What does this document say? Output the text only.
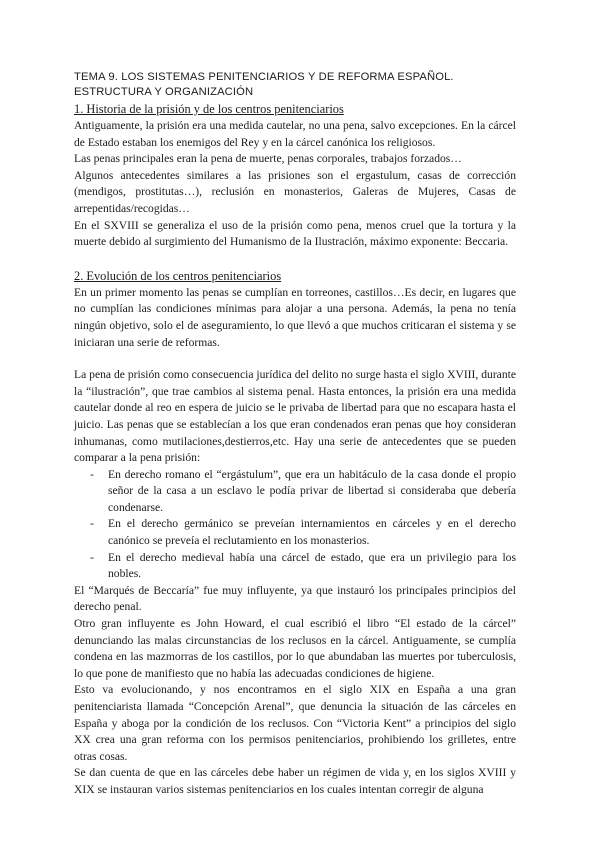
TEMA 9. LOS SISTEMAS PENITENCIARIOS Y DE REFORMA ESPAÑOL. ESTRUCTURA Y ORGANIZACIÓN
1. Historia de la prisión y de los centros penitenciarios

Antiguamente, la prisión era una medida cautelar, no una pena, salvo excepciones. En la cárcel de Estado estaban los enemigos del Rey y en la cárcel canónica los religiosos.

Las penas principales eran la pena de muerte, penas corporales, trabajos forzados…

Algunos antecedentes similares a las prisiones son el ergastulum, casas de corrección (mendigos, prostitutas…), reclusión en monasterios, Galeras de Mujeres, Casas de arrepentidas/recogidas…

En el SXVIII se generaliza el uso de la prisión como pena, menos cruel que la tortura y la muerte debido al surgimiento del Humanismo de la Ilustración, máximo exponente: Beccaria.

2. Evolución de los centros penitenciarios

En un primer momento las penas se cumplían en torreones, castillos…Es decir, en lugares que no cumplían las condiciones mínimas para alojar a una persona. Además, la pena no tenía ningún objetivo, solo el de aseguramiento, lo que llevó a que muchos criticaran el sistema y se iniciaran una serie de reformas.

La pena de prisión como consecuencia jurídica del delito no surge hasta el siglo XVIII, durante la “ilustración”, que trae cambios al sistema penal. Hasta entonces, la prisión era una medida cautelar donde al reo en espera de juicio se le privaba de libertad para que no escapara hasta el juicio. Las penas que se establecían a los que eran condenados eran penas que hoy consideran inhumanas, como mutilaciones,destierros,etc. Hay una serie de antecedentes que se pueden comparar a la pena prisión:

- En derecho romano el “ergástulum”, que era un habitáculo de la casa donde el propio señor de la casa a un esclavo le podía privar de libertad si consideraba que debería condenarse.
- En el derecho germánico se preveían internamientos en cárceles y en el derecho canónico se preveía el reclutamiento en los monasterios.
- En el derecho medieval había una cárcel de estado, que era un privilegio para los nobles.

El “Marqués de Beccaría” fue muy influyente, ya que instauró los principales principios del derecho penal.

Otro gran influyente es John Howard, el cual escribió el libro “El estado de la cárcel” denunciando las malas circunstancias de los reclusos en la cárcel. Antiguamente, se cumplía condena en las mazmorras de los castillos, por lo que abundaban las muertes por tuberculosis, lo que pone de manifiesto que no había las adecuadas condiciones de higiene.

Esto va evolucionando, y nos encontramos en el siglo XIX en España a una gran penitenciarista llamada “Concepción Arenal”, que denuncia la situación de las cárceles en España y aboga por la condición de los reclusos. Con “Victoria Kent” a principios del siglo XX crea una gran reforma con los permisos penitenciarios, prohibiendo los grilletes, entre otras cosas.

Se dan cuenta de que en las cárceles debe haber un régimen de vida y, en los siglos XVIII y XIX se instauran varios sistemas penitenciarios en los cuales intentan corregir de alguna
